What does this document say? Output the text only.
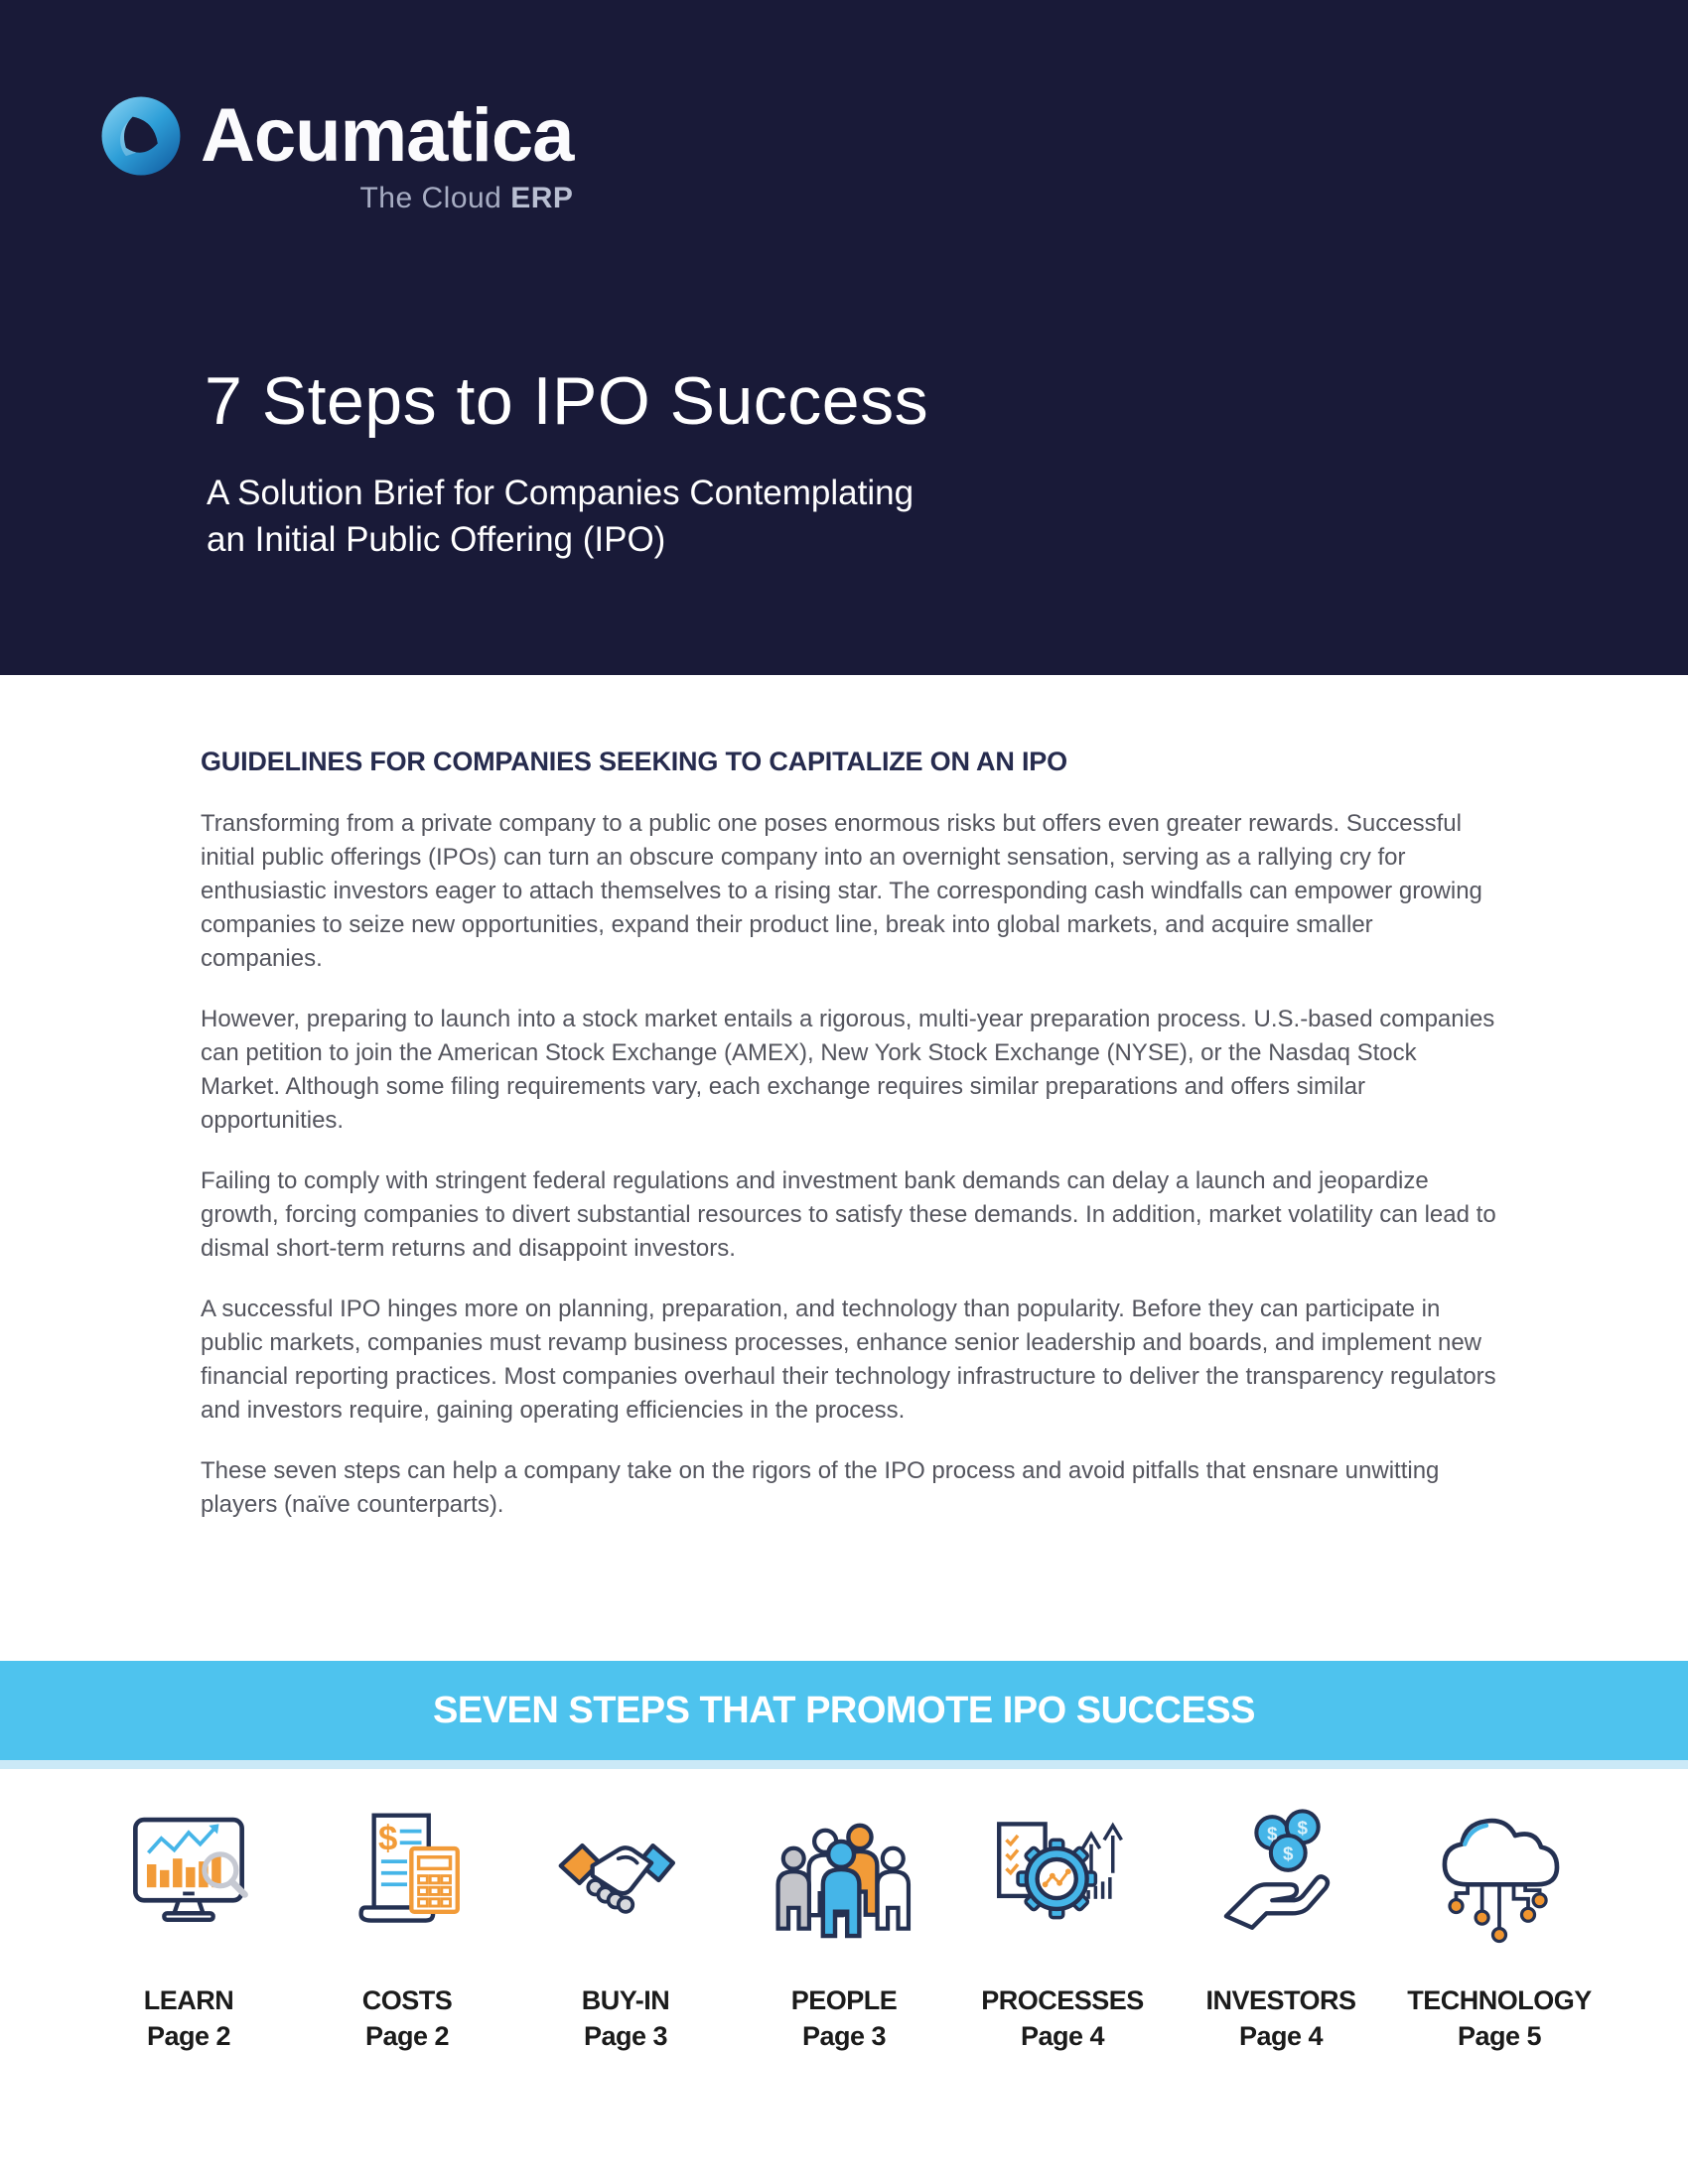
Acumatica
The Cloud ERP
7 Steps to IPO Success
A Solution Brief for Companies Contemplating
an Initial Public Offering (IPO)
GUIDELINES FOR COMPANIES SEEKING TO CAPITALIZE ON AN IPO

Transforming from a private company to a public one poses enormous risks but offers even greater rewards. Successful initial public offerings (IPOs) can turn an obscure company into an overnight sensation, serving as a rallying cry for enthusiastic investors eager to attach themselves to a rising star. The corresponding cash windfalls can empower growing companies to seize new opportunities, expand their product line, break into global markets, and acquire smaller companies.

However, preparing to launch into a stock market entails a rigorous, multi-year preparation process. U.S.-based companies can petition to join the American Stock Exchange (AMEX), New York Stock Exchange (NYSE), or the Nasdaq Stock Market. Although some filing requirements vary, each exchange requires similar preparations and offers similar opportunities.

Failing to comply with stringent federal regulations and investment bank demands can delay a launch and jeopardize growth, forcing companies to divert substantial resources to satisfy these demands. In addition, market volatility can lead to dismal short-term returns and disappoint investors.

A successful IPO hinges more on planning, preparation, and technology than popularity. Before they can participate in public markets, companies must revamp business processes, enhance senior leadership and boards, and implement new financial reporting practices. Most companies overhaul their technology infrastructure to deliver the transparency regulators and investors require, gaining operating efficiencies in the process.

These seven steps can help a company take on the rigors of the IPO process and avoid pitfalls that ensnare unwitting players (naïve counterparts).

SEVEN STEPS THAT PROMOTE IPO SUCCESS
LEARN
Page 2
$
COSTS
Page 2
BUY-IN
Page 3
PEOPLE
Page 3
PROCESSES
Page 4
$ $
$
INVESTORS
Page 4
TECHNOLOGY
Page 5
